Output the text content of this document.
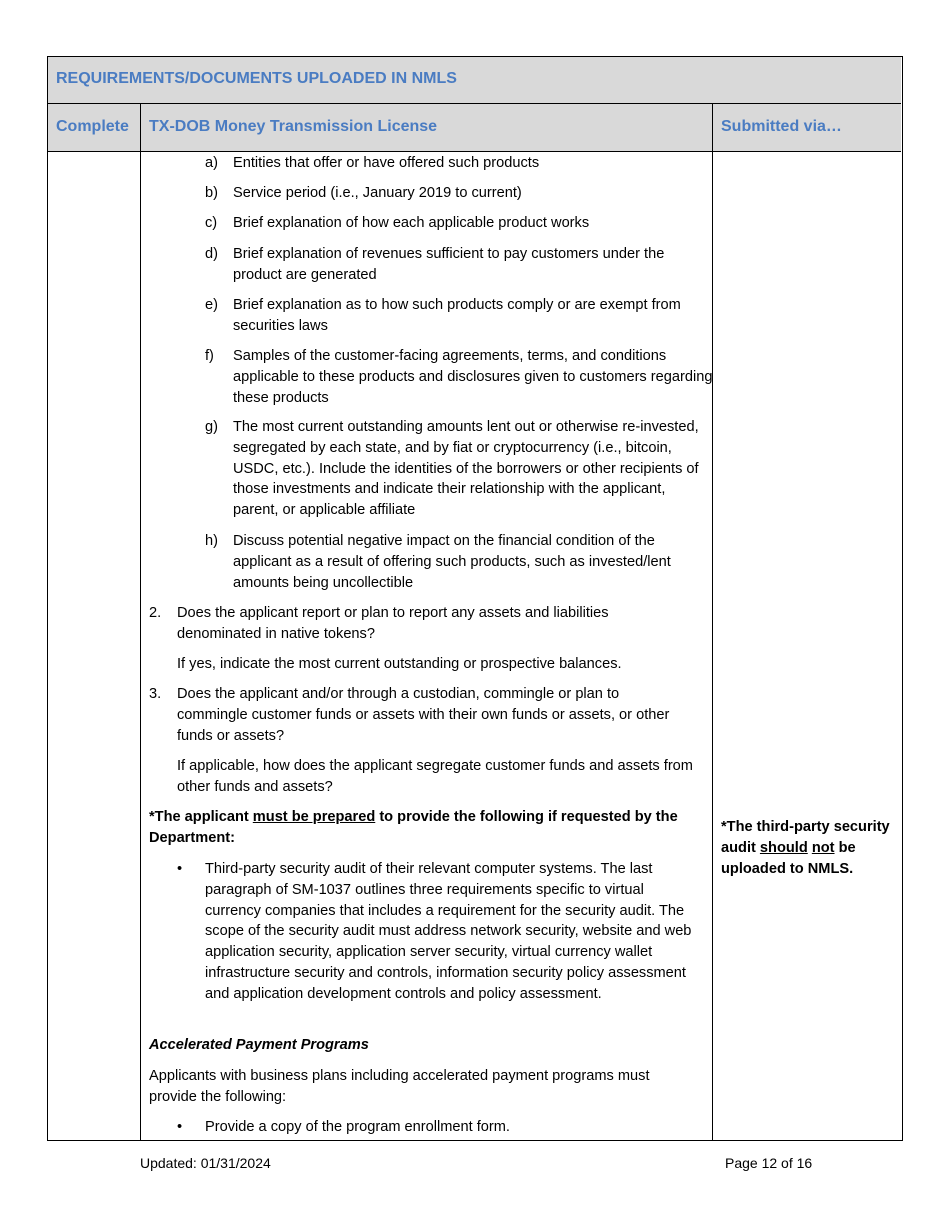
REQUIREMENTS/DOCUMENTS UPLOADED IN NMLS
Complete TX-DOB Money Transmission License	Submitted via…
a) Entities that offer or have offered such products
b) Service period (i.e., January 2019 to current)
c) Brief explanation of how each applicable product works
d) Brief explanation of revenues sufficient to pay customers under the product are generated
e) Brief explanation as to how such products comply or are exempt from securities laws
f) Samples of the customer-facing agreements, terms, and conditions applicable to these products and disclosures given to customers regarding these products
g) The most current outstanding amounts lent out or otherwise re-invested, segregated by each state, and by fiat or cryptocurrency (i.e., bitcoin, USDC, etc.). Include the identities of the borrowers or other recipients of those investments and indicate their relationship with the applicant, parent, or applicable affiliate
h) Discuss potential negative impact on the financial condition of the applicant as a result of offering such products, such as invested/lent amounts being uncollectible
2. Does the applicant report or plan to report any assets and liabilities denominated in native tokens?
If yes, indicate the most current outstanding or prospective balances.
3. Does the applicant and/or through a custodian, commingle or plan to commingle customer funds or assets with their own funds or assets, or other funds or assets?
If applicable, how does the applicant segregate customer funds and assets from other funds and assets?
*The applicant must be prepared to provide the following if requested by the Department:
• Third-party security audit of their relevant computer systems. The last paragraph of SM-1037 outlines three requirements specific to virtual currency companies that includes a requirement for the security audit. The scope of the security audit must address network security, website and web application security, application server security, virtual currency wallet infrastructure security and controls, information security policy assessment and application development controls and policy assessment.
Accelerated Payment Programs
Applicants with business plans including accelerated payment programs must provide the following:
• Provide a copy of the program enrollment form.
*The third-party security audit should not be uploaded to NMLS.
Updated: 01/31/2024	Page 12 of 16
